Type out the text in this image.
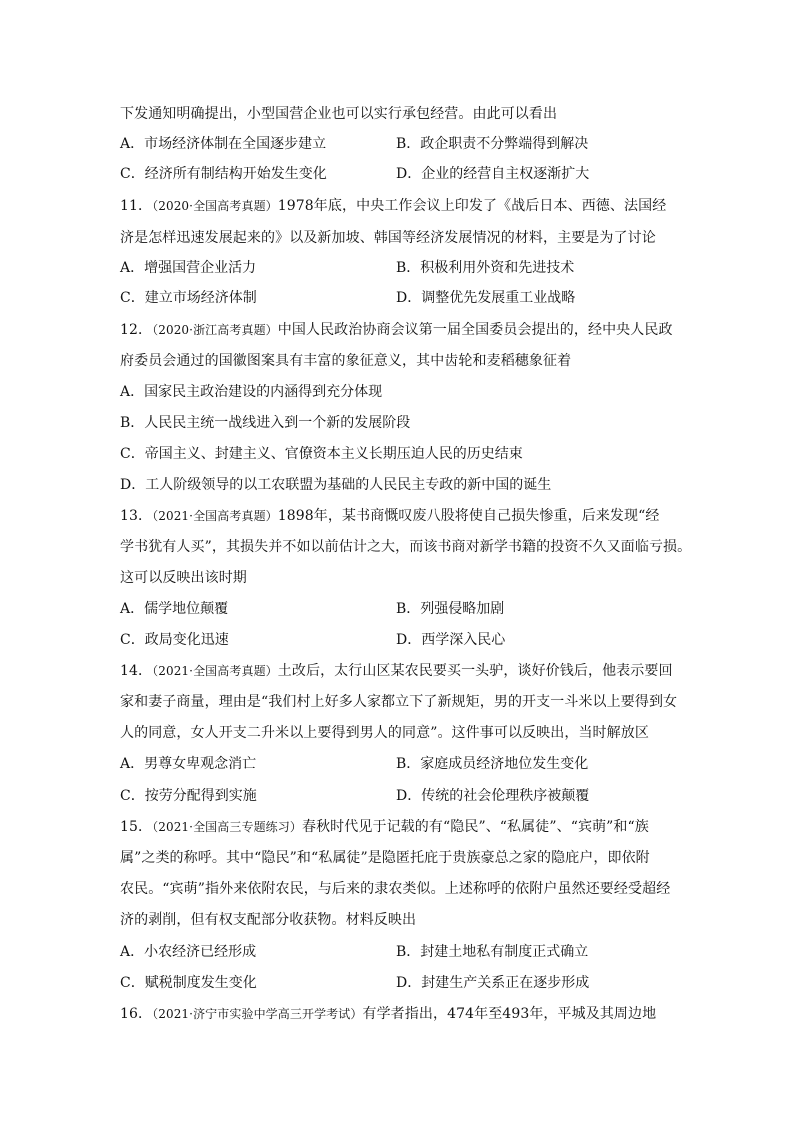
下发通知明确提出，小型国营企业也可以实行承包经营。由此可以看出
A．市场经济体制在全国逐步建立	B．政企职责不分弊端得到解决
C．经济所有制结构开始发生变化	D．企业的经营自主权逐渐扩大
11．（2020·全国高考真题）1978年底，中央工作会议上印发了《战后日本、西德、法国经
济是怎样迅速发展起来的》以及新加坡、韩国等经济发展情况的材料，主要是为了讨论
A．增强国营企业活力	B．积极利用外资和先进技术
C．建立市场经济体制	D．调整优先发展重工业战略
12．（2020·浙江高考真题）中国人民政治协商会议第一届全国委员会提出的，经中央人民政
府委员会通过的国徽图案具有丰富的象征意义，其中齿轮和麦稻穗象征着
A．国家民主政治建设的内涵得到充分体现
B．人民民主统一战线进入到一个新的发展阶段
C．帝国主义、封建主义、官僚资本主义长期压迫人民的历史结束
D．工人阶级领导的以工农联盟为基础的人民民主专政的新中国的诞生
13．（2021·全国高考真题）1898年，某书商慨叹废八股将使自己损失惨重，后来发现“经
学书犹有人买”，其损失并不如以前估计之大，而该书商对新学书籍的投资不久又面临亏损。
这可以反映出该时期
A．儒学地位颠覆	B．列强侵略加剧
C．政局变化迅速	D．西学深入民心
14．（2021·全国高考真题）土改后，太行山区某农民要买一头驴，谈好价钱后，他表示要回
家和妻子商量，理由是“我们村上好多人家都立下了新规矩，男的开支一斗米以上要得到女
人的同意，女人开支二升米以上要得到男人的同意”。这件事可以反映出，当时解放区
A．男尊女卑观念消亡	B．家庭成员经济地位发生变化
C．按劳分配得到实施	D．传统的社会伦理秩序被颠覆
15．（2021·全国高三专题练习）春秋时代见于记载的有“隐民”、“私属徒”、“宾萌”和“族
属”之类的称呼。其中“隐民”和“私属徒”是隐匿托庇于贵族豪总之家的隐庇户，即依附
农民。“宾萌”指外来依附农民，与后来的隶农类似。上述称呼的依附户虽然还要经受超经
济的剥削，但有权支配部分收获物。材料反映出
A．小农经济已经形成	B．封建土地私有制度正式确立
C．赋税制度发生变化	D．封建生产关系正在逐步形成
16．（2021·济宁市实验中学高三开学考试）有学者指出，474年至493年，平城及其周边地
